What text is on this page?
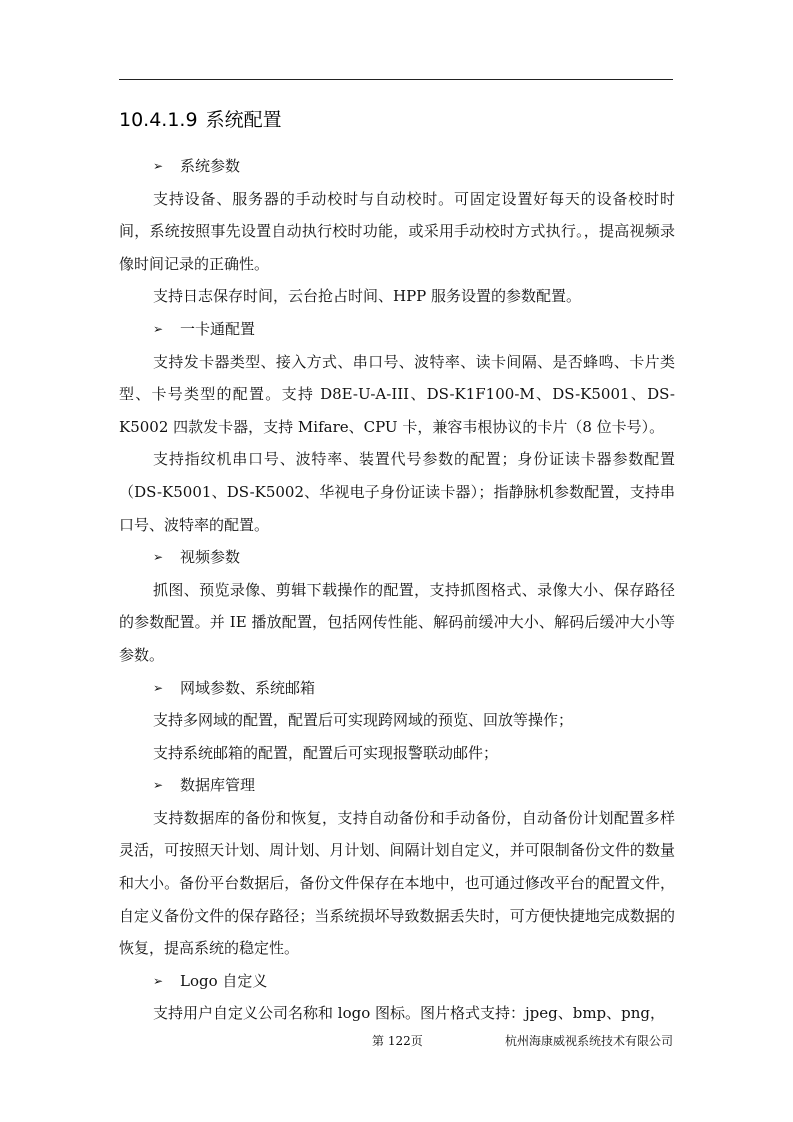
10.4.1.9 系统配置

➢ 系统参数

支持设备、服务器的手动校时与自动校时。可固定设置好每天的设备校时时间，系统按照事先设置自动执行校时功能，或采用手动校时方式执行。，提高视频录像时间记录的正确性。

支持日志保存时间，云台抢占时间、HPP 服务设置的参数配置。

➢ 一卡通配置

支持发卡器类型、接入方式、串口号、波特率、读卡间隔、是否蜂鸣、卡片类型、卡号类型的配置。支持 D8E-U-A-III、DS-K1F100-M、DS-K5001、DS-K5002 四款发卡器，支持 Mifare、CPU 卡，兼容韦根协议的卡片（8 位卡号）。

支持指纹机串口号、波特率、装置代号参数的配置；身份证读卡器参数配置（DS-K5001、DS-K5002、华视电子身份证读卡器）；指静脉机参数配置，支持串口号、波特率的配置。

➢ 视频参数

抓图、预览录像、剪辑下载操作的配置，支持抓图格式、录像大小、保存路径的参数配置。并 IE 播放配置，包括网传性能、解码前缓冲大小、解码后缓冲大小等参数。

➢ 网域参数、系统邮箱

支持多网域的配置，配置后可实现跨网域的预览、回放等操作；

支持系统邮箱的配置，配置后可实现报警联动邮件；

➢ 数据库管理

支持数据库的备份和恢复，支持自动备份和手动备份，自动备份计划配置多样灵活，可按照天计划、周计划、月计划、间隔计划自定义，并可限制备份文件的数量和大小。备份平台数据后，备份文件保存在本地中，也可通过修改平台的配置文件，自定义备份文件的保存路径；当系统损坏导致数据丢失时，可方便快捷地完成数据的恢复，提高系统的稳定性。

➢ Logo 自定义

支持用户自定义公司名称和 logo 图标。图片格式支持：jpeg、bmp、png，

第 122页	杭州海康威视系统技术有限公司
